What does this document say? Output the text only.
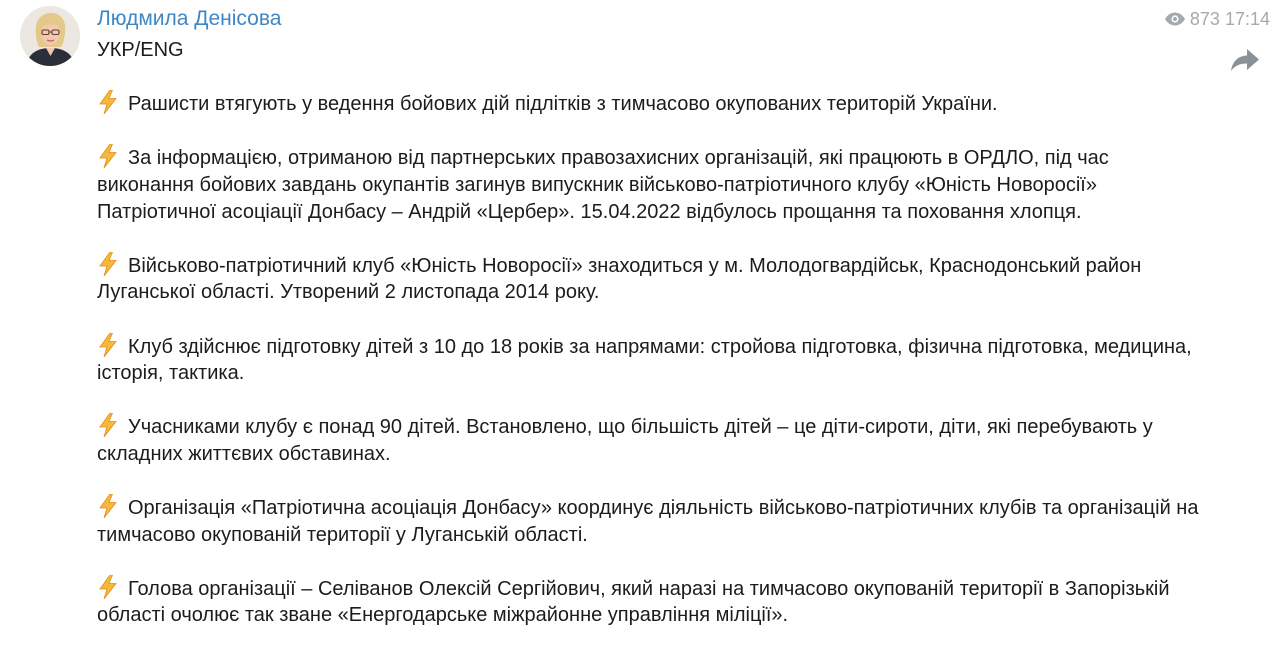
Людмила Денісова	873 17:14

УКР/ENG

Рашисти втягують у ведення бойових дій підлітків з тимчасово окупованих територій України.

За інформацією, отриманою від партнерських правозахисних організацій, які працюють в ОРДЛО, під час виконання бойових завдань окупантів загинув випускник військово-патріотичного клубу «Юність Новоросії» Патріотичної асоціації Донбасу – Андрій «Цербер». 15.04.2022 відбулось прощання та поховання хлопця.

Військово-патріотичний клуб «Юність Новоросії» знаходиться у м. Молодогвардійськ, Краснодонський район Луганської області. Утворений 2 листопада 2014 року.

Клуб здійснює підготовку дітей з 10 до 18 років за напрямами: стройова підготовка, фізична підготовка, медицина, історія, тактика.

Учасниками клубу є понад 90 дітей. Встановлено, що більшість дітей – це діти-сироти, діти, які перебувають у складних життєвих обставинах.

Організація «Патріотична асоціація Донбасу» координує діяльність військово-патріотичних клубів та організацій на тимчасово окупованій території у Луганській області.

Голова організації – Селіванов Олексій Сергійович, який наразі на тимчасово окупованій території в Запорізькій області очолює так зване «Енергодарське міжрайонне управління міліції».
